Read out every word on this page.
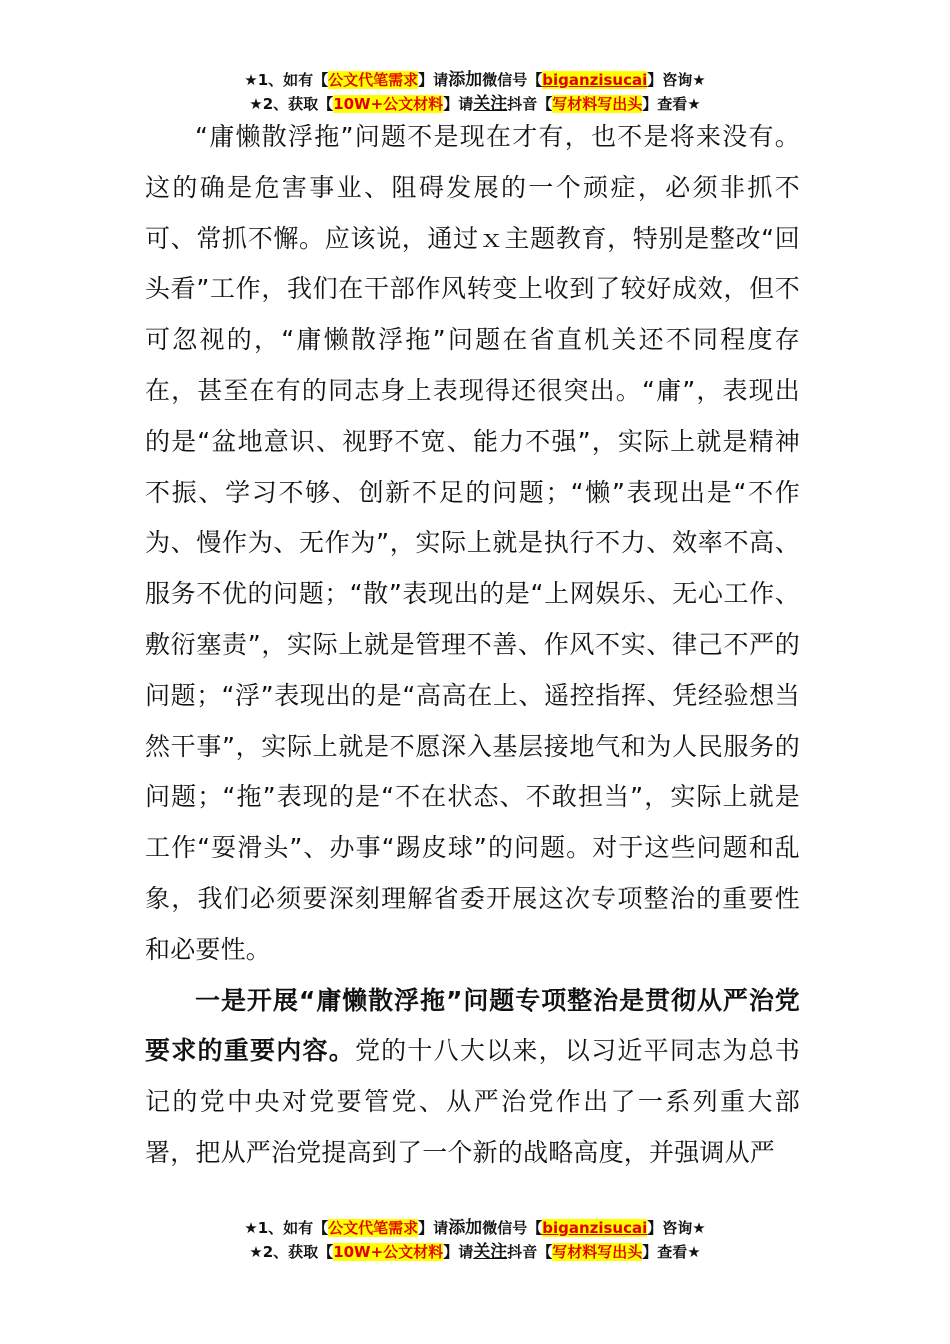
★1、如有【公文代笔需求】请添加微信号【biganzisucai】咨询★
★2、获取【10W+公文材料】请关注抖音【写材料写出头】查看★

“庸懒散浮拖”问题不是现在才有，也不是将来没有。这的确是危害事业、阻碍发展的一个顽症，必须非抓不可、常抓不懈。应该说，通过ｘ主题教育，特别是整改“回头看”工作，我们在干部作风转变上收到了较好成效，但不可忽视的，“庸懒散浮拖”问题在省直机关还不同程度存在，甚至在有的同志身上表现得还很突出。“庸”，表现出的是“盆地意识、视野不宽、能力不强”，实际上就是精神不振、学习不够、创新不足的问题；“懒”表现出是“不作为、慢作为、无作为”，实际上就是执行不力、效率不高、服务不优的问题；“散”表现出的是“上网娱乐、无心工作、敷衍塞责”，实际上就是管理不善、作风不实、律己不严的问题；“浮”表现出的是“高高在上、遥控指挥、凭经验想当然干事”，实际上就是不愿深入基层接地气和为人民服务的问题；“拖”表现的是“不在状态、不敢担当”，实际上就是工作“耍滑头”、办事“踢皮球”的问题。对于这些问题和乱象，我们必须要深刻理解省委开展这次专项整治的重要性和必要性。

一是开展“庸懒散浮拖”问题专项整治是贯彻从严治党要求的重要内容。党的十八大以来，以习近平同志为总书记的党中央对党要管党、从严治党作出了一系列重大部署，把从严治党提高到了一个新的战略高度，并强调从严

★1、如有【公文代笔需求】请添加微信号【biganzisucai】咨询★
★2、获取【10W+公文材料】请关注抖音【写材料写出头】查看★
